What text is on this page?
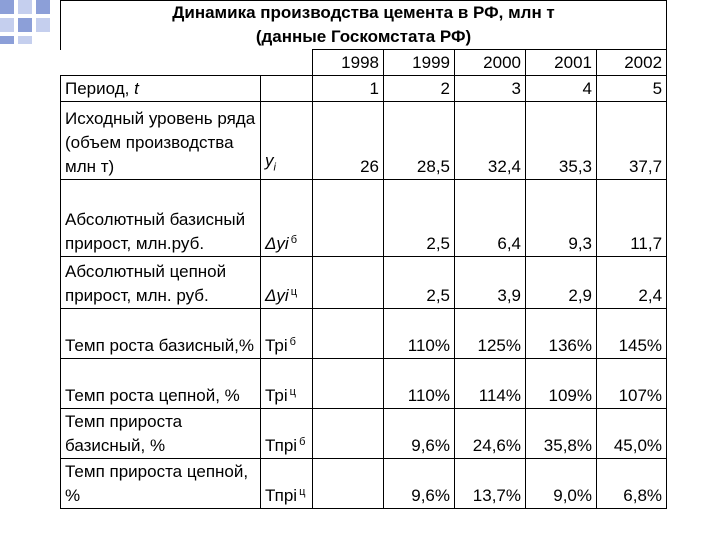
Динамика производства цемента в РФ, млн т
(данные Госкомстата РФ)						

		1998	1999	2000	2001	2002
Период, t		1	2	3	4	5
Исходный уровень ряда (объем производства млн т)	$y_i$	26	28,5	32,4	35,3	37,7
Абсолютный базисный прирост, млн.руб.	Δyi $^б$		2,5	6,4	9,3	11,7
Абсолютный цепной прирост, млн. руб.	Δyi $^ц$		2,5	3,9	2,9	2,4
Темп роста базисный,%	Трi $^б$		110%	125%	136%	145%
Темп роста цепной, %	Трi $^ц$		110%	114%	109%	107%
Темп прироста базисный, %	Тпрi $^б$		9,6%	24,6%	35,8%	45,0%
Темп прироста цепной, %	Тпрi $^ц$		9,6%	13,7%	9,0%	6,8%
